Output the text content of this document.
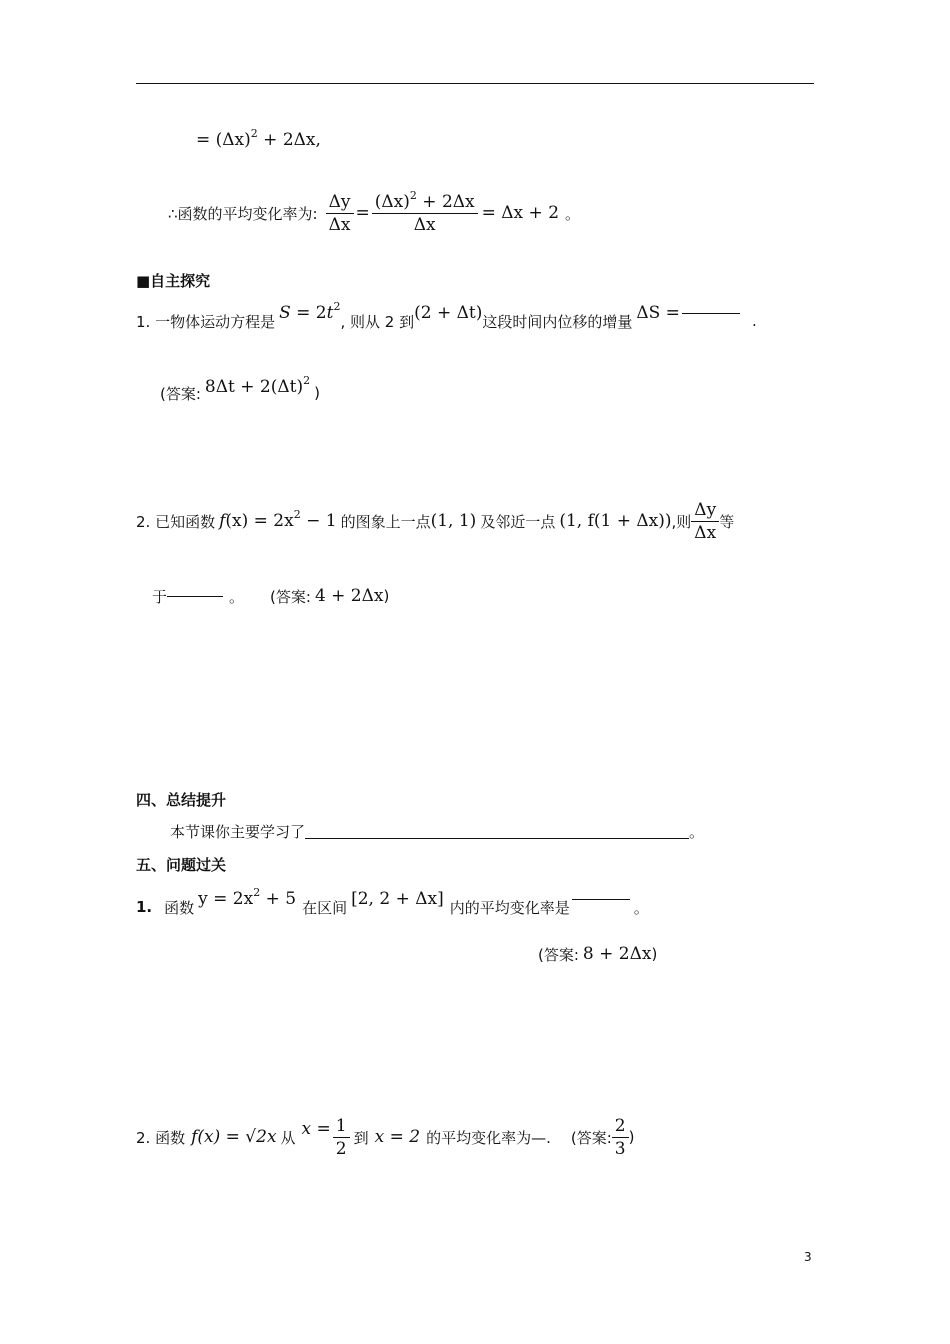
= $(\Delta x)^2 + 2\Delta x$,
∴函数的平均变化率为: $\frac{\Delta y}{\Delta x} = \frac{(\Delta x)^2 + 2\Delta x}{\Delta x} = \Delta x + 2$ 。
■自主探究
1. 一物体运动方程是 $S = 2t^2$
, 则从 2 到 (2 + Δt) 这段时间内位移的增量 ΔS =	.
(答案: $8\Delta t + 2(\Delta t)^2$
)
2. 已知函数 $f(x) = 2x^2 - 1$ 的图象上一点 (1, 1) 及邻近一点 (1, f(1 + Δx)) ,则 $\frac{\Delta y}{\Delta x}$ 等
于	。 (答案: 4 + 2Δx )
四、总结提升
本节课你主要学习了	。
五、问题过关
1. 函数 $y = 2x^2 + 5$ 在区间 [2, 2 + Δx] 内的平均变化率是	。
(答案: 8 + 2Δx )
2. 函数 f(x) = √2x 从 $x = \frac{1}{2}$ 到 x = 2 的平均变化率为—. (答案: $\frac{2}{3}$ )
3
